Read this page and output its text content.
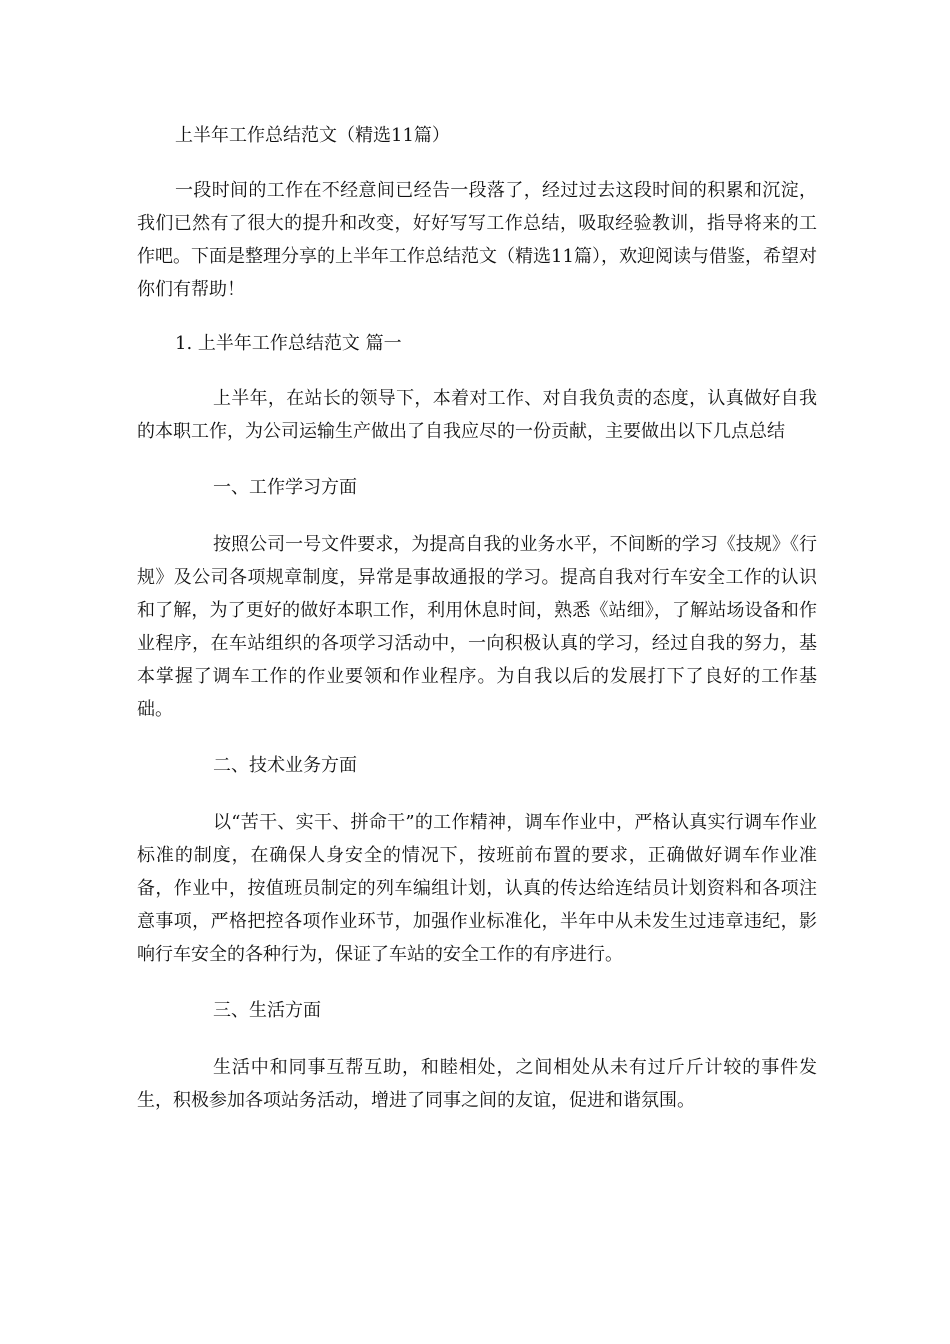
上半年工作总结范文（精选11篇）

一段时间的工作在不经意间已经告一段落了，经过过去这段时间的积累和沉淀，我们已然有了很大的提升和改变，好好写写工作总结，吸取经验教训，指导将来的工作吧。下面是整理分享的上半年工作总结范文（精选11篇），欢迎阅读与借鉴，希望对你们有帮助！

1. 上半年工作总结范文 篇一

上半年，在站长的领导下，本着对工作、对自我负责的态度，认真做好自我的本职工作，为公司运输生产做出了自我应尽的一份贡献，主要做出以下几点总结

一、工作学习方面

按照公司一号文件要求，为提高自我的业务水平，不间断的学习《技规》《行规》及公司各项规章制度，异常是事故通报的学习。提高自我对行车安全工作的认识和了解，为了更好的做好本职工作，利用休息时间，熟悉《站细》，了解站场设备和作业程序，在车站组织的各项学习活动中，一向积极认真的学习，经过自我的努力，基本掌握了调车工作的作业要领和作业程序。为自我以后的发展打下了良好的工作基础。

二、技术业务方面

以“苦干、实干、拼命干”的工作精神，调车作业中，严格认真实行调车作业标准的制度，在确保人身安全的情况下，按班前布置的要求，正确做好调车作业准备，作业中，按值班员制定的列车编组计划，认真的传达给连结员计划资料和各项注意事项，严格把控各项作业环节，加强作业标准化，半年中从未发生过违章违纪，影响行车安全的各种行为，保证了车站的安全工作的有序进行。

三、生活方面

生活中和同事互帮互助，和睦相处，之间相处从未有过斤斤计较的事件发生，积极参加各项站务活动，增进了同事之间的友谊，促进和谐氛围。
